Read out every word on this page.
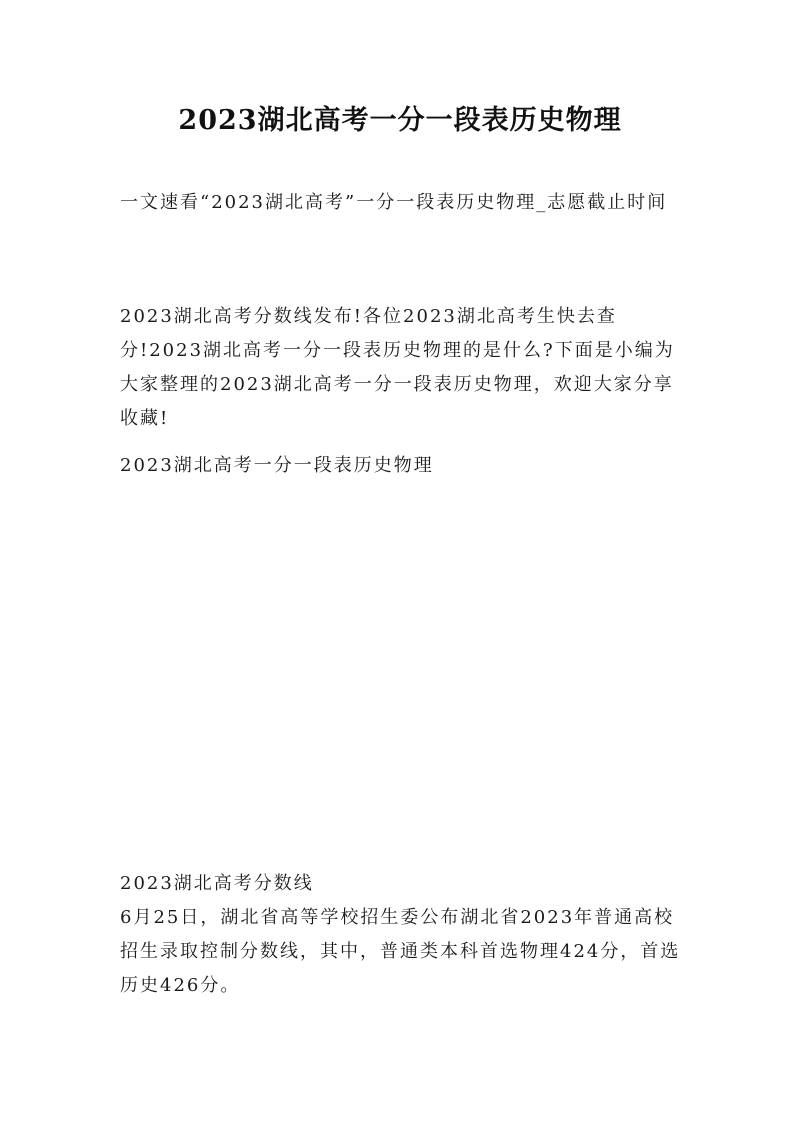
2023湖北高考一分一段表历史物理

一文速看“2023湖北高考”一分一段表历史物理_志愿截止时间

2023湖北高考分数线发布!各位2023湖北高考生快去查分!2023湖北高考一分一段表历史物理的是什么?下面是小编为大家整理的2023湖北高考一分一段表历史物理，欢迎大家分享收藏!

2023湖北高考一分一段表历史物理

2023湖北高考分数线

6月25日，湖北省高等学校招生委公布湖北省2023年普通高校招生录取控制分数线，其中，普通类本科首选物理424分，首选历史426分。
